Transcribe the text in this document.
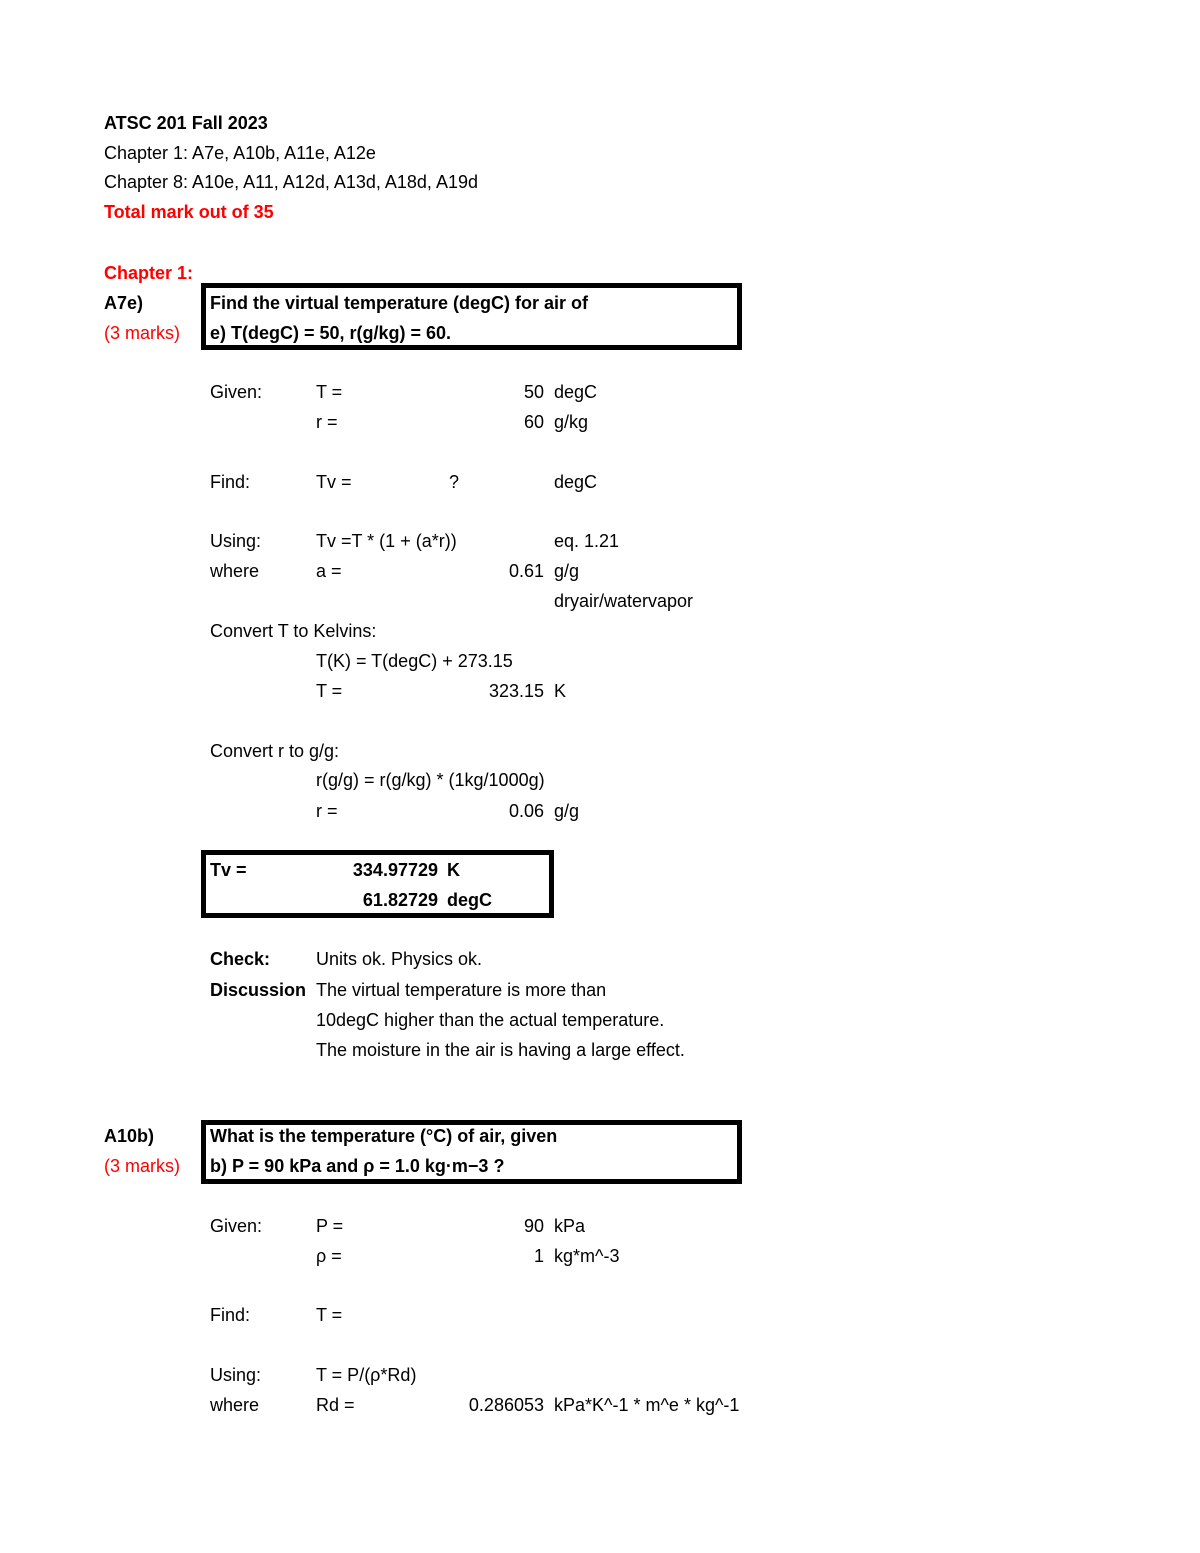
ATSC 201 Fall 2023
Chapter 1: A7e, A10b, A11e, A12e
Chapter 8: A10e, A11, A12d, A13d, A18d, A19d
Total mark out of 35
Chapter 1:
A7e)
(3 marks)
Find the virtual temperature (degC) for air of
e) T(degC) = 50, r(g/kg) = 60.
Given:	T =	50 degC
r =	60 g/kg
Find:	Tv =	?	degC
Using:	Tv =T * (1 + (a*r))	eq. 1.21
where	a =	0.61 g/g
dryair/watervapor
Convert T to Kelvins:
T(K) = T(degC) + 273.15
T =	323.15 K
Convert r to g/g:
r(g/g) = r(g/kg) * (1kg/1000g)
r =	0.06 g/g
Tv =	334.97729 K
61.82729 degC
Check:	Units ok. Physics ok.
Discussion The virtual temperature is more than
10degC higher than the actual temperature.
The moisture in the air is having a large effect.
A10b)
(3 marks)
What is the temperature (°C) of air, given
b) P = 90 kPa and ρ = 1.0 kg·m−3 ?
Given:	P =	90 kPa
ρ =	1 kg*m^-3
Find:	T =
Using:	T = P/(ρ*Rd)
where	Rd =	0.286053 kPa*K^-1 * m^e * kg^-1
